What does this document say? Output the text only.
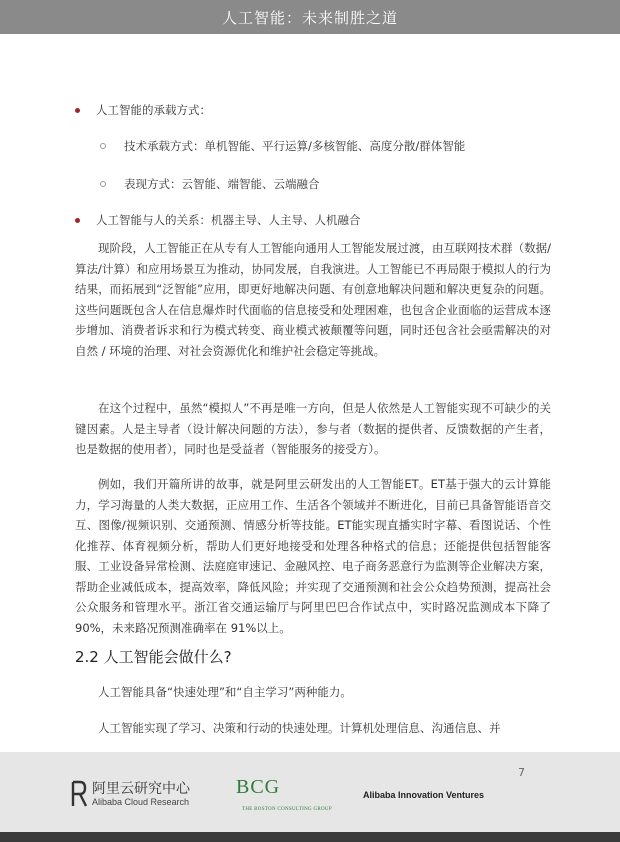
人工智能：未来制胜之道
人工智能的承载方式：
技术承载方式：单机智能、平行运算/多核智能、高度分散/群体智能
表现方式：云智能、端智能、云端融合
人工智能与人的关系：机器主导、人主导、人机融合

现阶段，人工智能正在从专有人工智能向通用人工智能发展过渡，由互联网技术群（数据/算法/计算）和应用场景互为推动，协同发展，自我演进。人工智能已不再局限于模拟人的行为结果，而拓展到“泛智能”应用，即更好地解决问题、有创意地解决问题和解决更复杂的问题。这些问题既包含人在信息爆炸时代面临的信息接受和处理困难，也包含企业面临的运营成本逐步增加、消费者诉求和行为模式转变、商业模式被颠覆等问题，同时还包含社会亟需解决的对自然 / 环境的治理、对社会资源优化和维护社会稳定等挑战。

在这个过程中，虽然“模拟人”不再是唯一方向，但是人依然是人工智能实现不可缺少的关键因素。人是主导者（设计解决问题的方法），参与者（数据的提供者、反馈数据的产生者，也是数据的使用者），同时也是受益者（智能服务的接受方）。

例如，我们开篇所讲的故事，就是阿里云研发出的人工智能ET。ET基于强大的云计算能力，学习海量的人类大数据，正应用工作、生活各个领域并不断进化，目前已具备智能语音交互、图像/视频识别、交通预测、情感分析等技能。ET能实现直播实时字幕、看图说话、个性化推荐、体育视频分析，帮助人们更好地接受和处理各种格式的信息；还能提供包括智能客服、工业设备异常检测、法庭庭审速记、金融风控、电子商务恶意行为监测等企业解决方案，帮助企业减低成本，提高效率，降低风险；并实现了交通预测和社会公众趋势预测，提高社会公众服务和管理水平。浙江省交通运输厅与阿里巴巴合作试点中，实时路况监测成本下降了 90%，未来路况预测准确率在 91%以上。

2.2 人工智能会做什么?

人工智能具备“快速处理”和“自主学习”两种能力。

人工智能实现了学习、决策和行动的快速处理。计算机处理信息、沟通信息、并

阿里云研究中心
Alibaba Cloud Research
BCG
THE BOSTON CONSULTING GROUP
Alibaba Innovation Ventures
7
